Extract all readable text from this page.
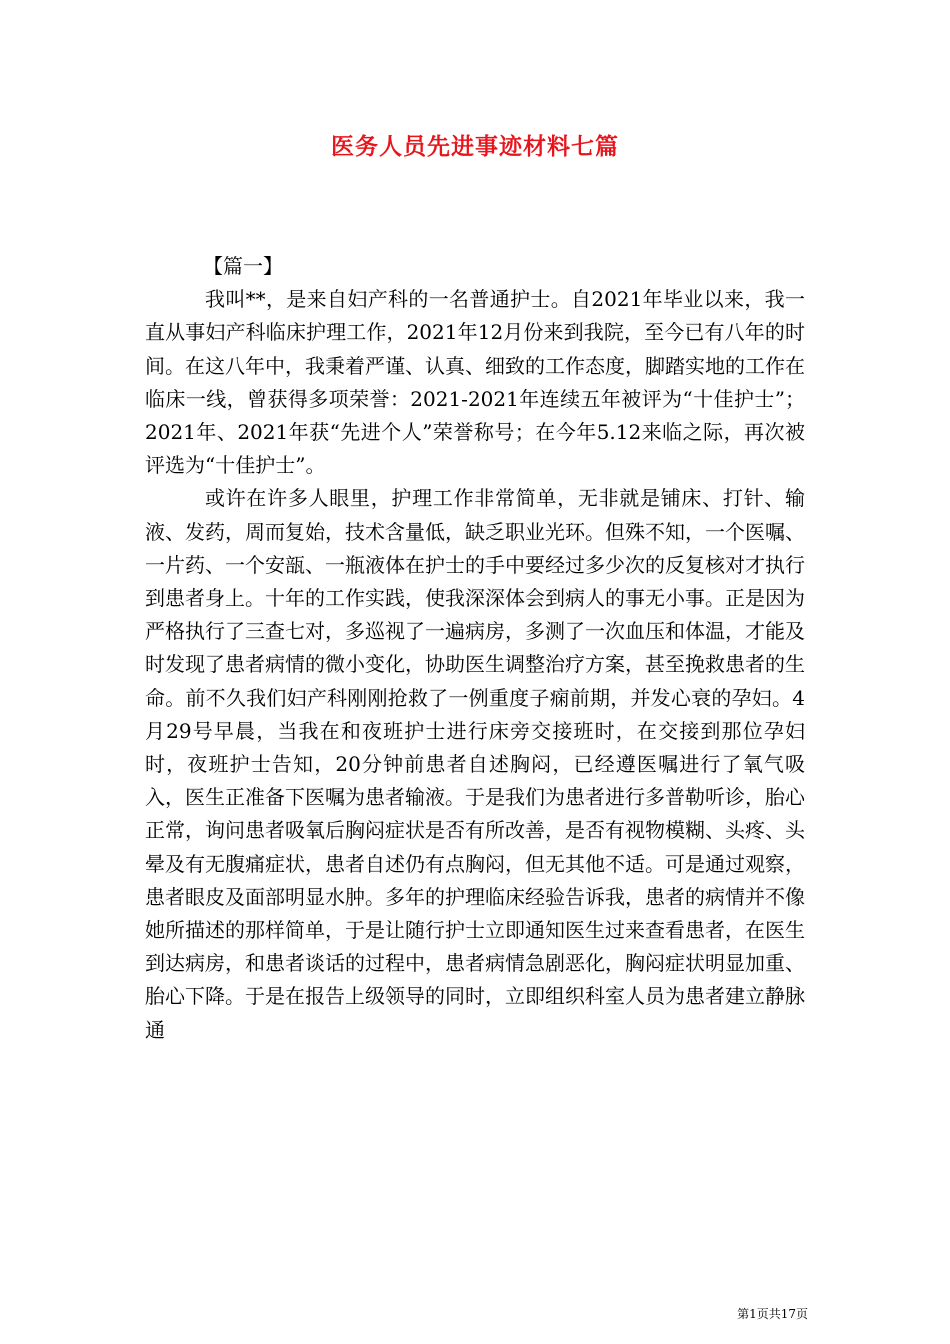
医务人员先进事迹材料七篇

【篇一】

我叫**，是来自妇产科的一名普通护士。自2021年毕业以来，我一直从事妇产科临床护理工作，2021年12月份来到我院，至今已有八年的时间。在这八年中，我秉着严谨、认真、细致的工作态度，脚踏实地的工作在临床一线，曾获得多项荣誉：2021-2021年连续五年被评为“十佳护士”；2021年、2021年获“先进个人”荣誉称号；在今年5.12来临之际，再次被评选为“十佳护士”。

或许在许多人眼里，护理工作非常简单，无非就是铺床、打针、输液、发药，周而复始，技术含量低，缺乏职业光环。但殊不知，一个医嘱、一片药、一个安瓿、一瓶液体在护士的手中要经过多少次的反复核对才执行到患者身上。十年的工作实践，使我深深体会到病人的事无小事。正是因为严格执行了三查七对，多巡视了一遍病房，多测了一次血压和体温，才能及时发现了患者病情的微小变化，协助医生调整治疗方案，甚至挽救患者的生命。前不久我们妇产科刚刚抢救了一例重度子痫前期，并发心衰的孕妇。4月29号早晨，当我在和夜班护士进行床旁交接班时，在交接到那位孕妇时，夜班护士告知，20分钟前患者自述胸闷，已经遵医嘱进行了氧气吸入，医生正准备下医嘱为患者输液。于是我们为患者进行多普勒听诊，胎心正常，询问患者吸氧后胸闷症状是否有所改善，是否有视物模糊、头疼、头晕及有无腹痛症状，患者自述仍有点胸闷，但无其他不适。可是通过观察，患者眼皮及面部明显水肿。多年的护理临床经验告诉我，患者的病情并不像她所描述的那样简单，于是让随行护士立即通知医生过来查看患者，在医生到达病房，和患者谈话的过程中，患者病情急剧恶化，胸闷症状明显加重、胎心下降。于是在报告上级领导的同时，立即组织科室人员为患者建立静脉通

第1页共17页
